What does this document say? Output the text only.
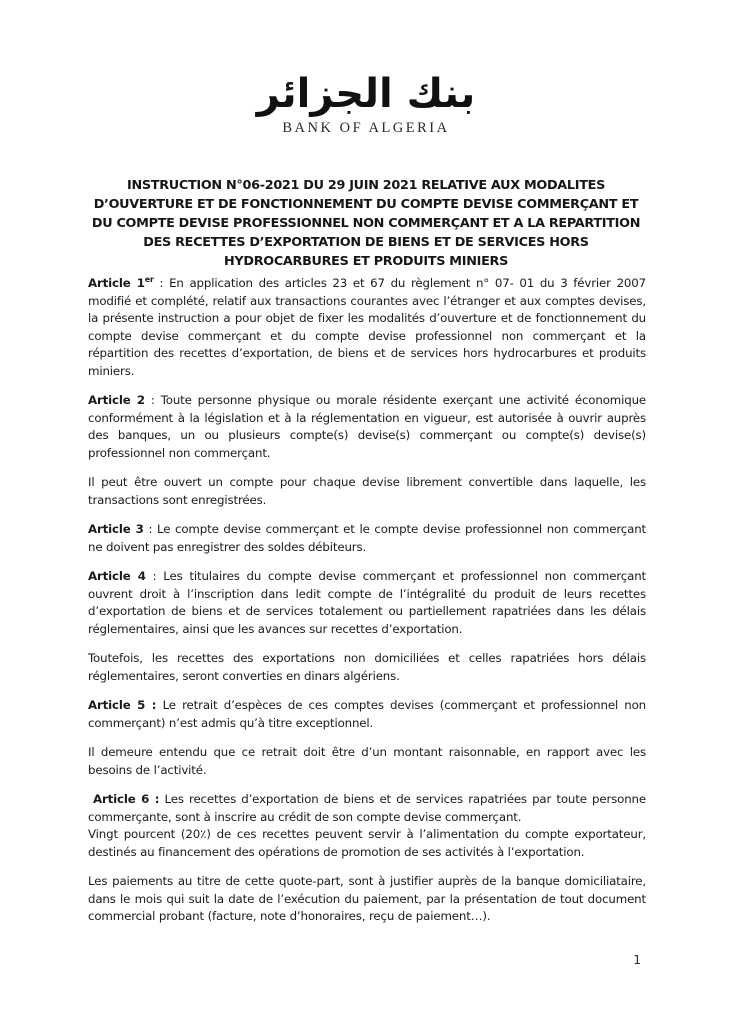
بنك الجزائر
BANK OF ALGERIA
INSTRUCTION N°06-2021 DU 29 JUIN 2021 RELATIVE AUX MODALITES
D’OUVERTURE ET DE FONCTIONNEMENT DU COMPTE DEVISE COMMERÇANT ET
DU COMPTE DEVISE PROFESSIONNEL NON COMMERÇANT ET A LA REPARTITION
DES RECETTES D’EXPORTATION DE BIENS ET DE SERVICES HORS
HYDROCARBURES ET PRODUITS MINIERS

Article 1er : En application des articles 23 et 67 du règlement n° 07- 01 du 3 février 2007 modifié et complété, relatif aux transactions courantes avec l’étranger et aux comptes devises, la présente instruction a pour objet de fixer les modalités d’ouverture et de fonctionnement du compte devise commerçant et du compte devise professionnel non commerçant et la répartition des recettes d’exportation, de biens et de services hors hydrocarbures et produits miniers.

Article 2 : Toute personne physique ou morale résidente exerçant une activité économique conformément à la législation et à la réglementation en vigueur, est autorisée à ouvrir auprès des banques, un ou plusieurs compte(s) devise(s) commerçant ou compte(s) devise(s) professionnel non commerçant.

Il peut être ouvert un compte pour chaque devise librement convertible dans laquelle, les transactions sont enregistrées.

Article 3 : Le compte devise commerçant et le compte devise professionnel non commerçant ne doivent pas enregistrer des soldes débiteurs.

Article 4 : Les titulaires du compte devise commerçant et professionnel non commerçant ouvrent droit à l’inscription dans ledit compte de l’intégralité du produit de leurs recettes d’exportation de biens et de services totalement ou partiellement rapatriées dans les délais réglementaires, ainsi que les avances sur recettes d’exportation.

Toutefois, les recettes des exportations non domiciliées et celles rapatriées hors délais réglementaires, seront converties en dinars algériens.

Article 5 : Le retrait d’espèces de ces comptes devises (commerçant et professionnel non commerçant) n’est admis qu’à titre exceptionnel.

Il demeure entendu que ce retrait doit être d’un montant raisonnable, en rapport avec les besoins de l’activité.

Article 6 : Les recettes d’exportation de biens et de services rapatriées par toute personne commerçante, sont à inscrire au crédit de son compte devise commerçant.

Vingt pourcent (20٪) de ces recettes peuvent servir à l’alimentation du compte exportateur, destinés au financement des opérations de promotion de ses activités à l’exportation.

Les paiements au titre de cette quote-part, sont à justifier auprès de la banque domiciliataire, dans le mois qui suit la date de l’exécution du paiement, par la présentation de tout document commercial probant (facture, note d’honoraires, reçu de paiement…).

1
